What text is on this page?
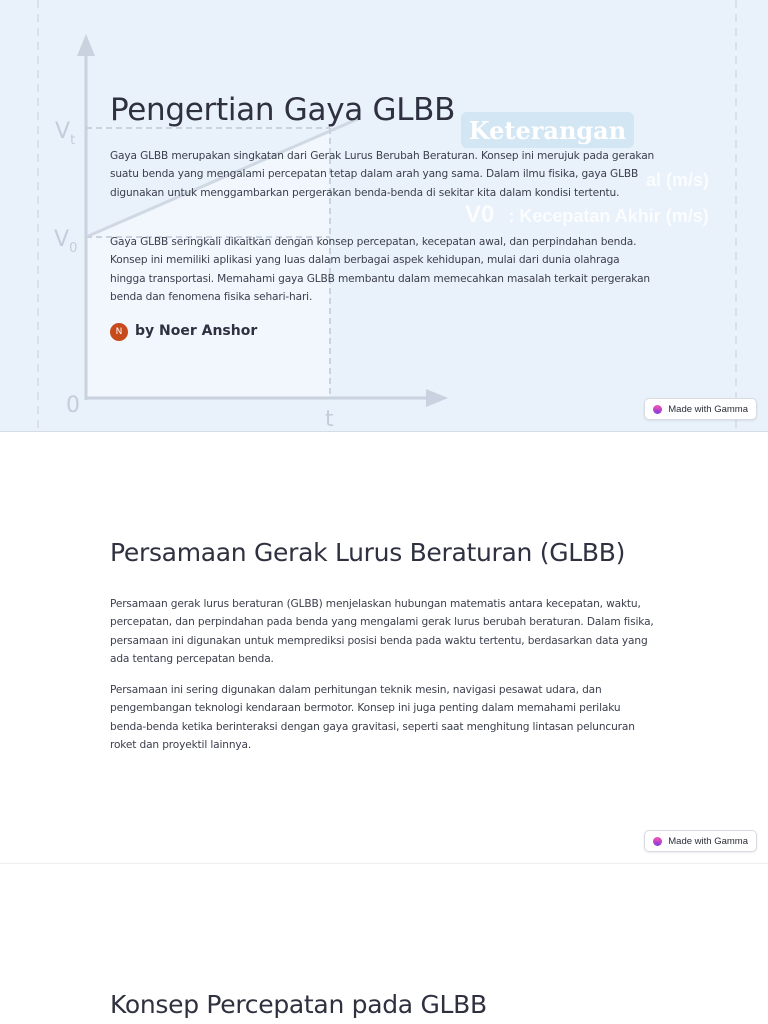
$V_t$
$V_0$
0
t
Keterangan
al (m/s)
V0 : Kecepatan Akhir (m/s)
Pengertian Gaya GLBB

Gaya GLBB merupakan singkatan dari Gerak Lurus Berubah Beraturan. Konsep ini merujuk pada gerakan suatu benda yang mengalami percepatan tetap dalam arah yang sama. Dalam ilmu fisika, gaya GLBB digunakan untuk menggambarkan pergerakan benda-benda di sekitar kita dalam kondisi tertentu.

Gaya GLBB seringkali dikaitkan dengan konsep percepatan, kecepatan awal, dan perpindahan benda. Konsep ini memiliki aplikasi yang luas dalam berbagai aspek kehidupan, mulai dari dunia olahraga hingga transportasi. Memahami gaya GLBB membantu dalam memecahkan masalah terkait pergerakan benda dan fenomena fisika sehari-hari.

N by Noer Anshor
Made with Gamma
Persamaan Gerak Lurus Beraturan (GLBB)

Persamaan gerak lurus beraturan (GLBB) menjelaskan hubungan matematis antara kecepatan, waktu, percepatan, dan perpindahan pada benda yang mengalami gerak lurus berubah beraturan. Dalam fisika, persamaan ini digunakan untuk memprediksi posisi benda pada waktu tertentu, berdasarkan data yang ada tentang percepatan benda.

Persamaan ini sering digunakan dalam perhitungan teknik mesin, navigasi pesawat udara, dan pengembangan teknologi kendaraan bermotor. Konsep ini juga penting dalam memahami perilaku benda-benda ketika berinteraksi dengan gaya gravitasi, seperti saat menghitung lintasan peluncuran roket dan proyektil lainnya.

Made with Gamma
Konsep Percepatan pada GLBB
